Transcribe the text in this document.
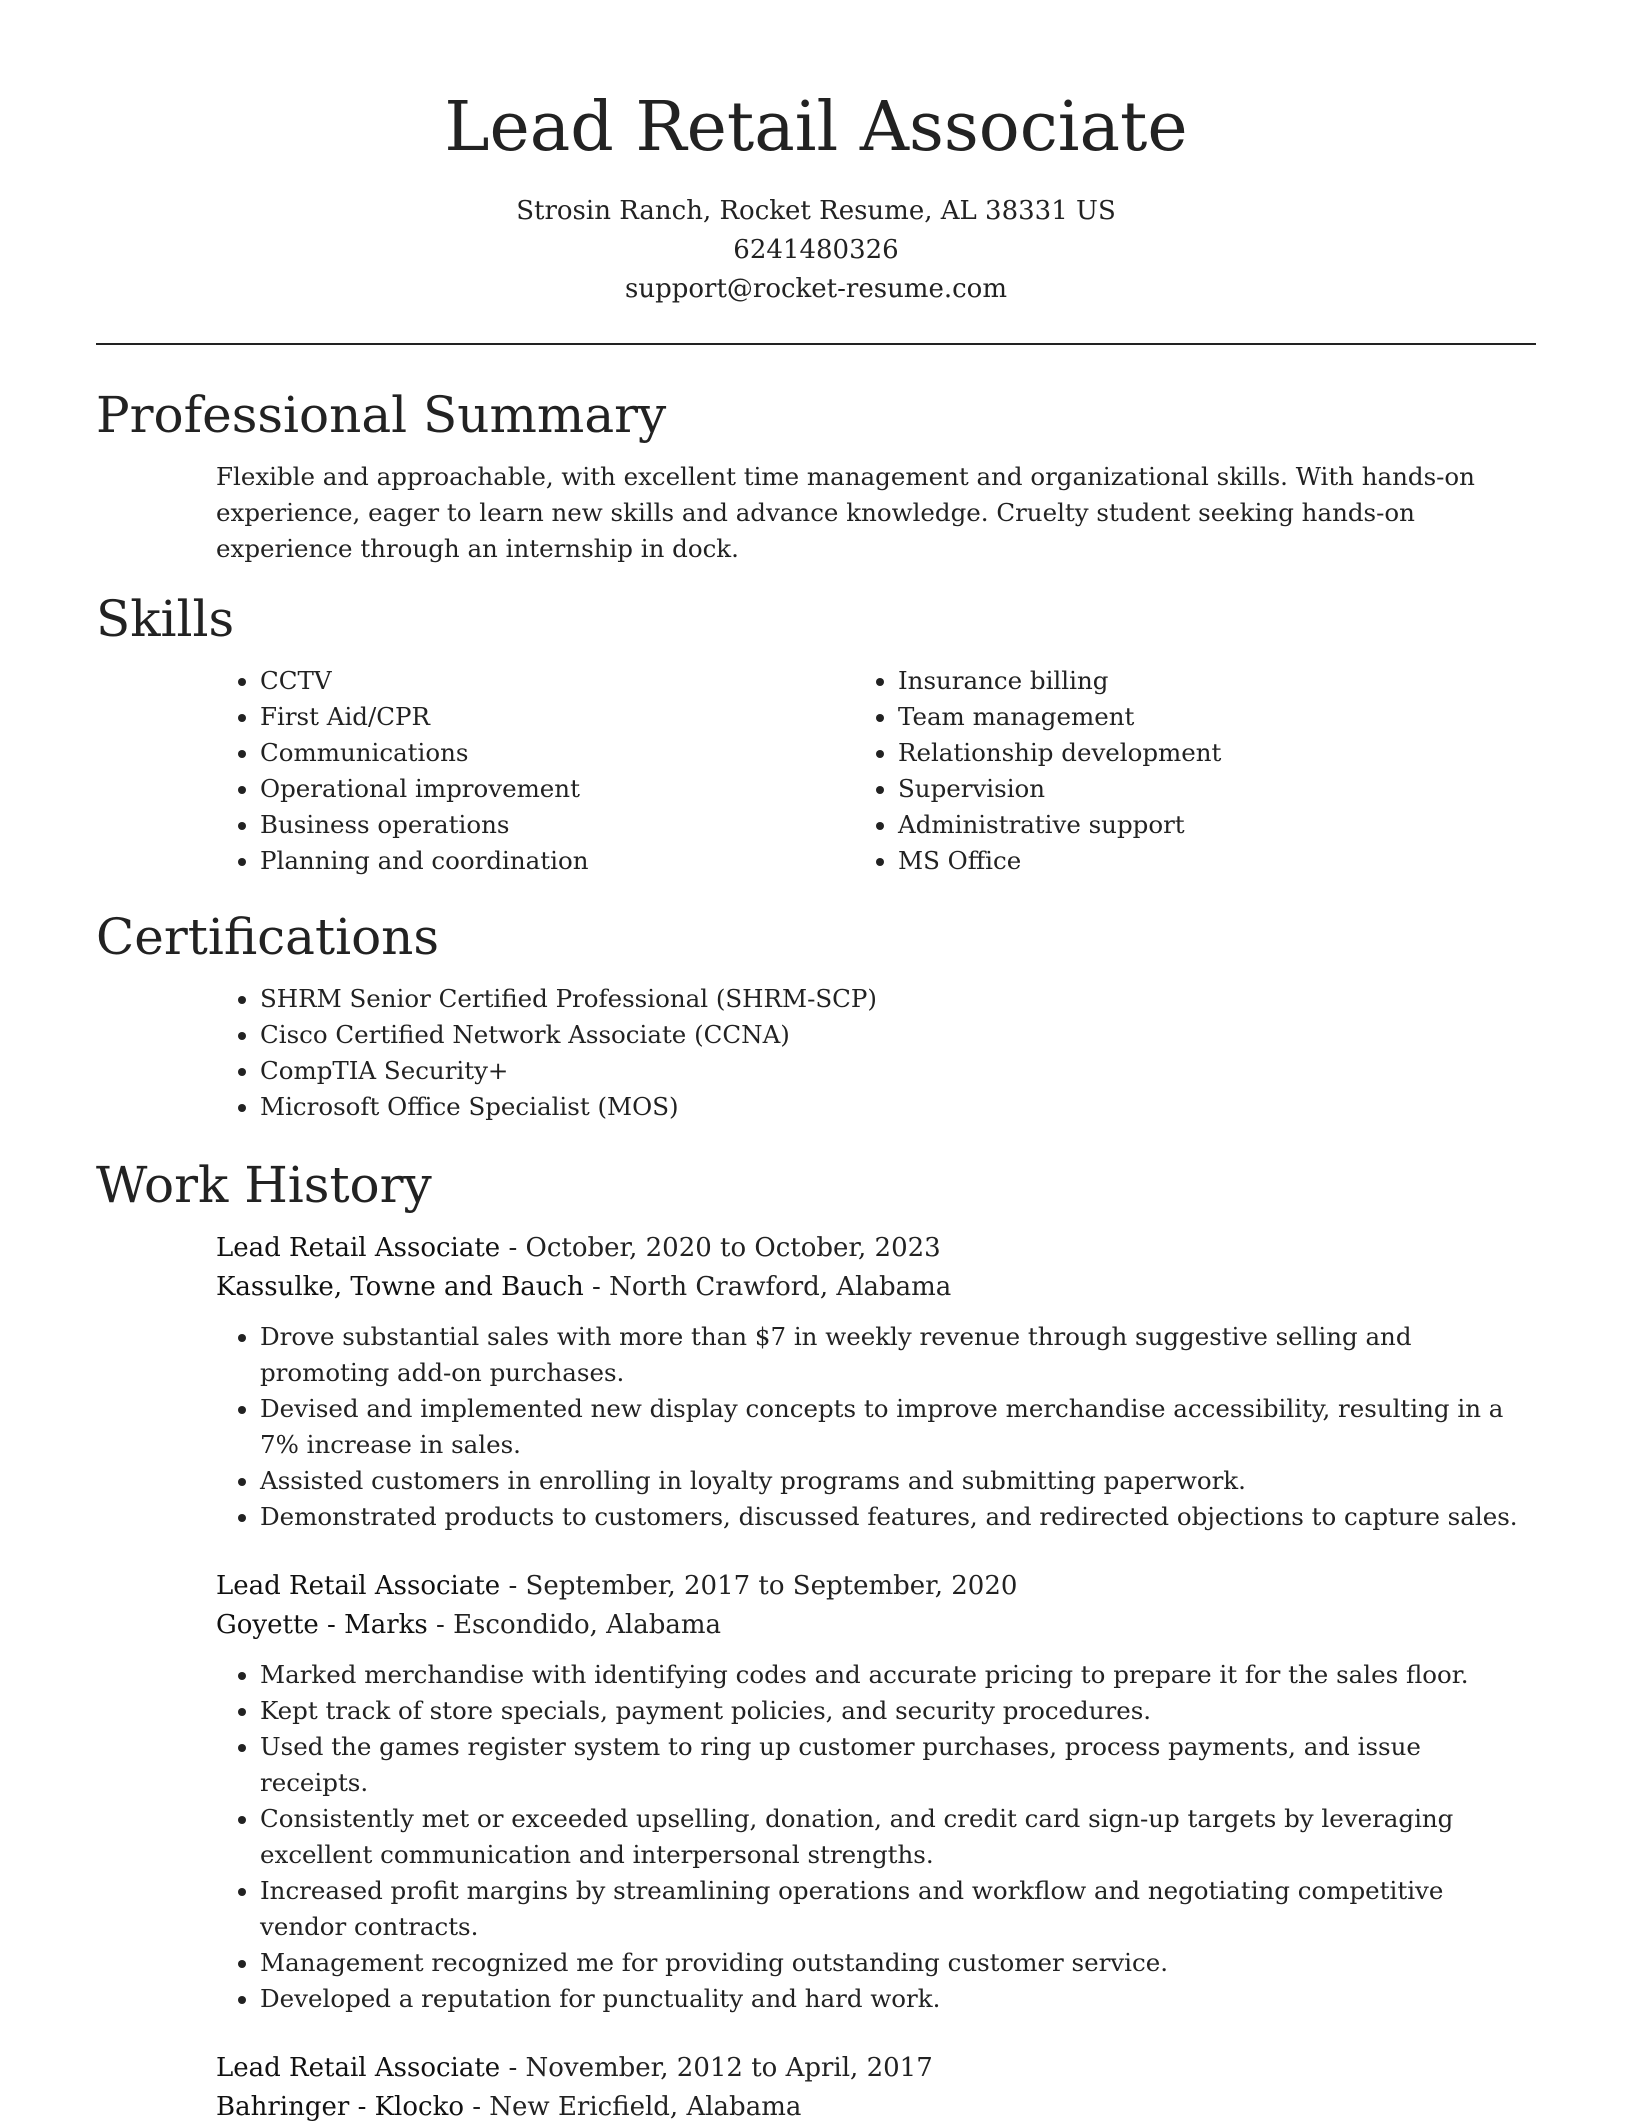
Lead Retail Associate
Strosin Ranch, Rocket Resume, AL 38331 US
6241480326
support@rocket-resume.com
Professional Summary

Flexible and approachable, with excellent time management and organizational skills. With hands-on experience, eager to learn new skills and advance knowledge. Cruelty student seeking hands-on experience through an internship in dock.

Skills
• CCTV
• First Aid/CPR
• Communications
• Operational improvement
• Business operations
• Planning and coordination
• Insurance billing
• Team management
• Relationship development
• Supervision
• Administrative support
• MS Office
Certifications
• SHRM Senior Certified Professional (SHRM-SCP)
• Cisco Certified Network Associate (CCNA)
• CompTIA Security+
• Microsoft Office Specialist (MOS)
Work History
Lead Retail Associate - October, 2020 to October, 2023
Kassulke, Towne and Bauch - North Crawford, Alabama
• Drove substantial sales with more than $7 in weekly revenue through suggestive selling and promoting add-on purchases.
• Devised and implemented new display concepts to improve merchandise accessibility, resulting in a 7% increase in sales.
• Assisted customers in enrolling in loyalty programs and submitting paperwork.
• Demonstrated products to customers, discussed features, and redirected objections to capture sales.
Lead Retail Associate - September, 2017 to September, 2020
Goyette - Marks - Escondido, Alabama
• Marked merchandise with identifying codes and accurate pricing to prepare it for the sales floor.
• Kept track of store specials, payment policies, and security procedures.
• Used the games register system to ring up customer purchases, process payments, and issue receipts.
• Consistently met or exceeded upselling, donation, and credit card sign-up targets by leveraging excellent communication and interpersonal strengths.
• Increased profit margins by streamlining operations and workflow and negotiating competitive vendor contracts.
• Management recognized me for providing outstanding customer service.
• Developed a reputation for punctuality and hard work.
Lead Retail Associate - November, 2012 to April, 2017
Bahringer - Klocko - New Ericfield, Alabama
